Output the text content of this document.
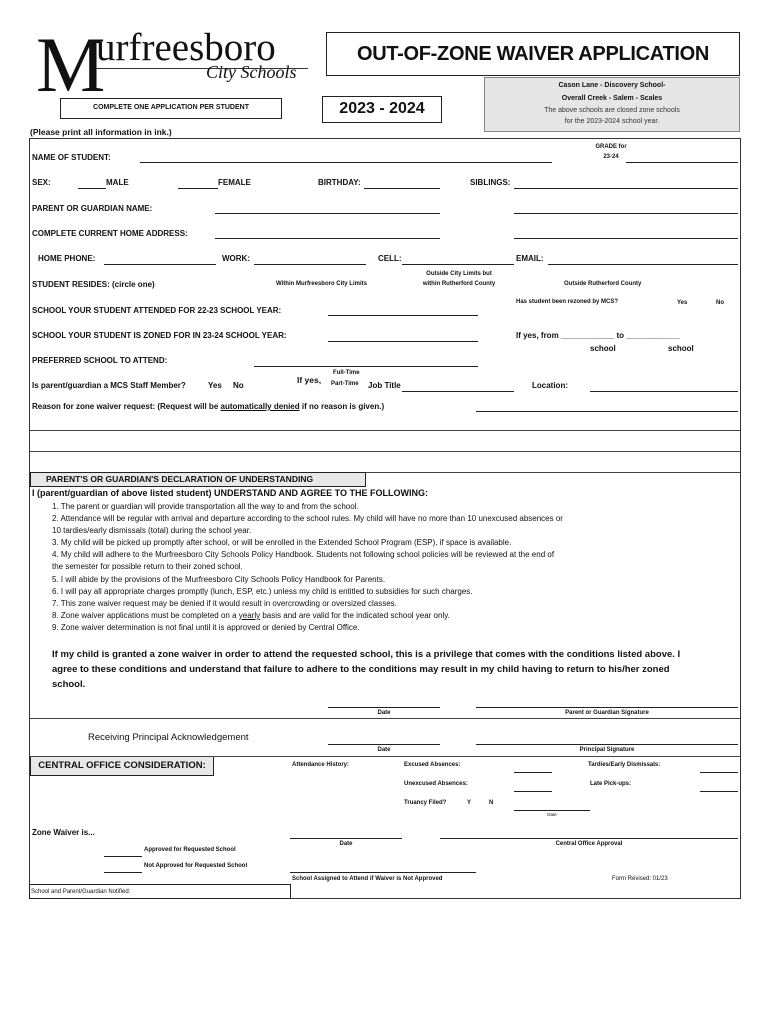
M
urfreesboro
City Schools
OUT-OF-ZONE WAIVER APPLICATION
Cason Lane - Discovery School-
Overall Creek - Salem - Scales
The above schools are closed zone schools
for the 2023-2024 school year.
COMPLETE ONE APPLICATION PER STUDENT	2023 - 2024
(Please print all information in ink.)
NAME OF STUDENT:
GRADE for
23-24
SEX:	MALE	FEMALE	BIRTHDAY:	SIBLINGS:
PARENT OR GUARDIAN NAME:
COMPLETE CURRENT HOME ADDRESS:
HOME PHONE:	WORK:	CELL:	EMAIL:
STUDENT RESIDES: (circle one)	Within Murfreesboro City Limits
Outside City Limits but
within Rutherford County	Outside Rutherford County
SCHOOL YOUR STUDENT ATTENDED FOR 22-23 SCHOOL YEAR:
Has student been rezoned by MCS?	Yes	No
SCHOOL YOUR STUDENT IS ZONED FOR IN 23-24 SCHOOL YEAR:	If yes, from ____________ to ____________
school	school
PREFERRED SCHOOL TO ATTEND:
Is parent/guardian a MCS Staff Member?	Yes No
If yes,
Full-Time
Part-Time Job Title	Location:
Reason for zone waiver request: (Request will be automatically denied if no reason is given.)
PARENT'S OR GUARDIAN'S DECLARATION OF UNDERSTANDING
I (parent/guardian of above listed student) UNDERSTAND AND AGREE TO THE FOLLOWING:
1. The parent or guardian will provide transportation all the way to and from the school.
2. Attendance will be regular with arrival and departure according to the school rules. My child will have no more than 10 unexcused absences or
10 tardies/early dismissals (total) during the school year.
3. My child will be picked up promptly after school, or will be enrolled in the Extended School Program (ESP), if space is available.
4. My child will adhere to the Murfreesboro City Schools Policy Handbook. Students not following school policies will be reviewed at the end of
the semester for possible return to their zoned school.
5. I will abide by the provisions of the Murfreesboro City Schools Policy Handbook for Parents.
6. I will pay all appropriate charges promptly (lunch, ESP, etc.) unless my child is entitled to subsidies for such charges.
7. This zone waiver request may be denied if it would result in overcrowding or oversized classes.
8. Zone waiver applications must be completed on a yearly basis and are valid for the indicated school year only.
9. Zone waiver determination is not final until it is approved or denied by Central Office.
If my child is granted a zone waiver in order to attend the requested school, this is a privilege that comes with the conditions listed above. I
agree to these conditions and understand that failure to adhere to the conditions may result in my child having to return to his/her zoned
school.
Date	Parent or Guardian Signature
Receiving Principal Acknowledgement
Date	Principal Signature
CENTRAL OFFICE CONSIDERATION:	Attendance History:	Excused Absences:	Tardies/Early Dismissals:
Unexcused Absences:	Late Pick-ups:
Truancy Filed?	Y	N
Date
Zone Waiver is...
Date	Central Office Approval
Approved for Requested School
Not Approved for Requested School
School Assigned to Attend if Waiver is Not Approved	Form Revised: 01/23
School and Parent/Guardian Notified:
